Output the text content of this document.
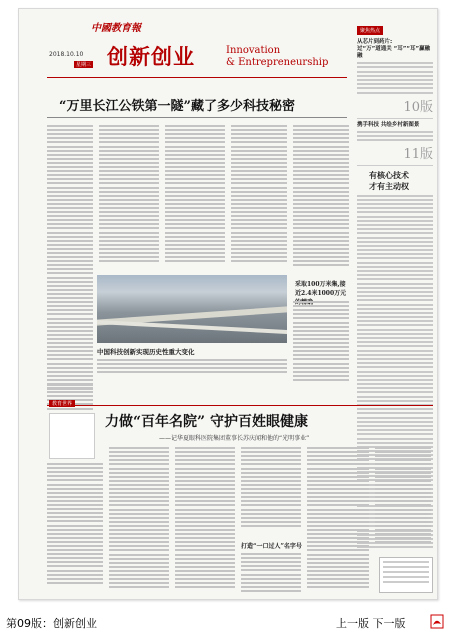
中國教育報
2018.10.10
星期三 创新创业	Innovation
& Entrepreneurship
聚焦热点
从芯片到药片:
过“万”道通关 “耳”“耳”赢融融
10版
携手科技 共绘乡村新图景
11版
有核心技术
才有主动权
“万里长江公铁第一隧”藏了多少科技秘密
采取100万米集,接
近2.4米1000万元
中国科技创新实现历史性重大变化
教育世界
力做“百年名院” 守护百姓眼健康
——记华夏眼科医院集团董事长苏庆闻和他的“光明事业”
打造“一口过人”名字号
第09版：创新创业	上一版 下一版
